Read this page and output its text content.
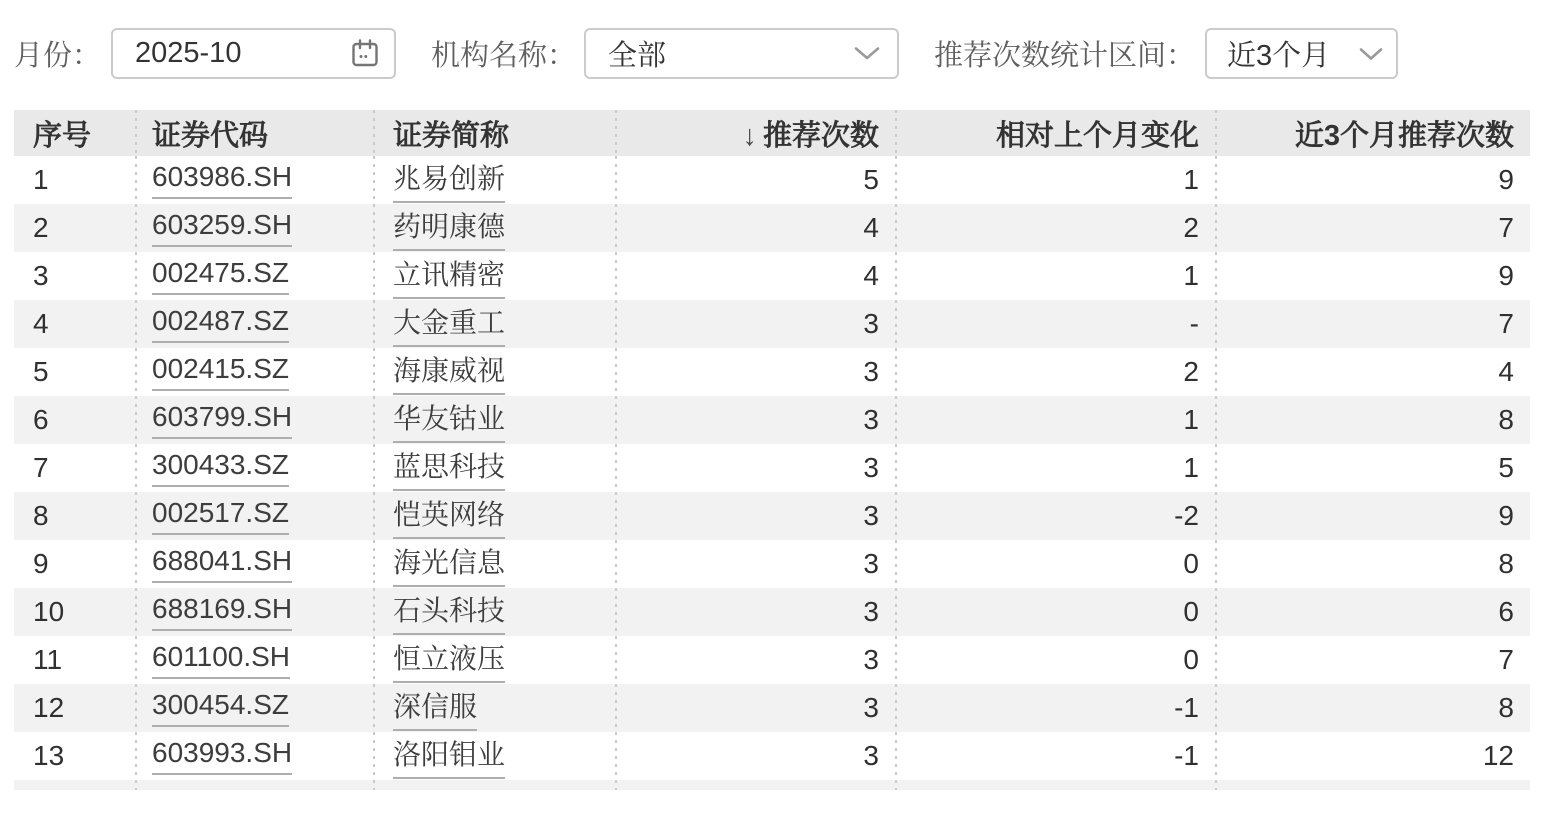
月份： 2025-10	机构名称： 全部	推荐次数统计区间： 近3个月
序号	证券代码	证券简称	↓ 推荐次数	相对上个月变化	近3个月推荐次数
1	603986.SH	兆易创新	5	1	9
2	603259.SH	药明康德	4	2	7
3	002475.SZ	立讯精密	4	1	9
4	002487.SZ	大金重工	3	-	7
5	002415.SZ	海康威视	3	2	4
6	603799.SH	华友钴业	3	1	8
7	300433.SZ	蓝思科技	3	1	5
8	002517.SZ	恺英网络	3	-2	9
9	688041.SH	海光信息	3	0	8
10	688169.SH	石头科技	3	0	6
11	601100.SH	恒立液压	3	0	7
12	300454.SZ	深信服	3	-1	8
13	603993.SH	洛阳钼业	3	-1	12
